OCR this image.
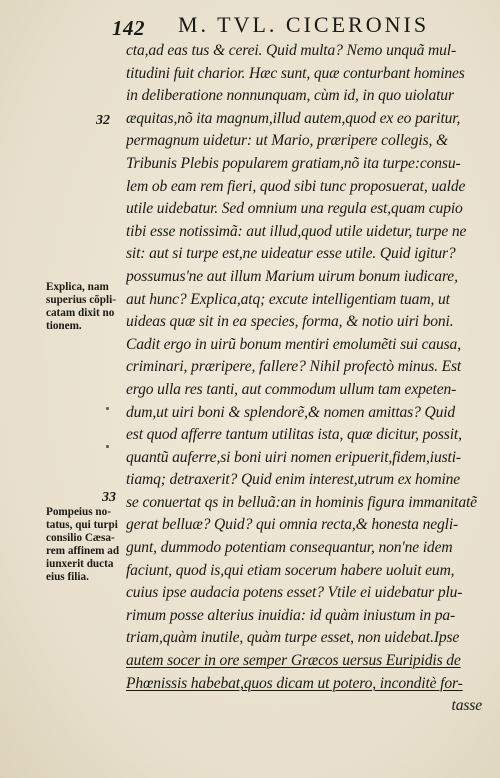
142 M. TVL. CICERONIS
32
33
Explica, nam
superius cõpli-
catam dixit no
tionem.
Pompeius no-
tatus, qui turpi
consilio Cæsa-
rem affinem ad
iunxerit ducta
eius filia.
cta,ad eas tus & cerei. Quid multa? Nemo unquã mul-
titudini fuit charior. Hæc sunt, quæ conturbant homines
in deliberatione nonnunquam, cùm id, in quo uiolatur
æquitas,nõ ita magnum,illud autem,quod ex eo paritur,
permagnum uidetur: ut Mario, præripere collegis, &
Tribunis Plebis popularem gratiam,nõ ita turpe:consu-
lem ob eam rem fieri, quod sibi tunc proposuerat, ualde
utile uidebatur. Sed omnium una regula est,quam cupio
tibi esse notissimã: aut illud,quod utile uidetur, turpe ne
sit: aut si turpe est,ne uideatur esse utile. Quid igitur?
possumus'ne aut illum Marium uirum bonum iudicare,
aut hunc? Explica,atq; excute intelligentiam tuam, ut
uideas quæ sit in ea species, forma, & notio uiri boni.
Cadit ergo in uirũ bonum mentiri emolumẽti sui causa,
criminari, præripere, fallere? Nihil profectò minus. Est
ergo ulla res tanti, aut commodum ullum tam expeten-
dum,ut uiri boni & splendorẽ,& nomen amittas? Quid
est quod afferre tantum utilitas ista, quæ dicitur, possit,
quantũ auferre,si boni uiri nomen eripuerit,fidem,iusti-
tiamq; detraxerit? Quid enim interest,utrum ex homine
se conuertat qs in belluã:an in hominis figura immanitatẽ
gerat belluæ? Quid? qui omnia recta,& honesta negli-
gunt, dummodo potentiam consequantur, non'ne idem
faciunt, quod is,qui etiam socerum habere uoluit eum,
cuius ipse audacia potens esset? Vtile ei uidebatur plu-
rimum posse alterius inuidia: id quàm iniustum in pa-
triam,quàm inutile, quàm turpe esset, non uidebat.Ipse
autem socer in ore semper Græcos uersus Euripidis de
Phœnissis habebat,quos dicam ut potero, inconditè for-
tasse
